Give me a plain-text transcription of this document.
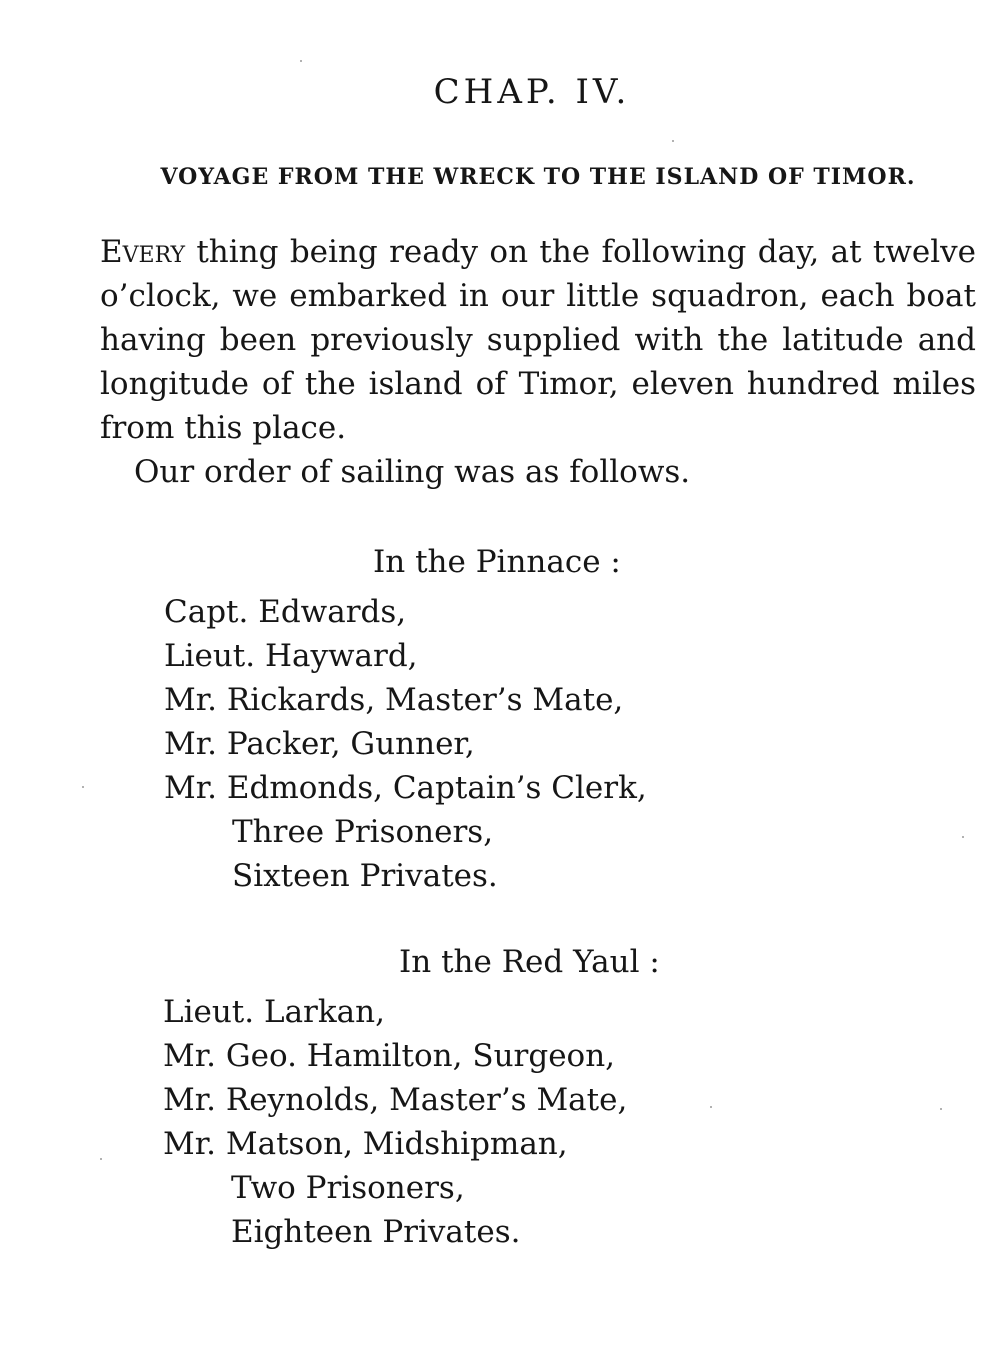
CHAP. IV.
VOYAGE FROM THE WRECK TO THE ISLAND OF TIMOR.

Every thing being ready on the following day, at twelve o’clock, we embarked in our little squadron, each boat having been previously supplied with the latitude and longitude of the island of Timor, eleven hundred miles from this place.

Our order of sailing was as follows.

In the Pinnace :

Capt. Edwards,
Lieut. Hayward,
Mr. Rickards, Master’s Mate,
Mr. Packer, Gunner,
Mr. Edmonds, Captain’s Clerk,
Three Prisoners,
Sixteen Privates.

In the Red Yaul :

Lieut. Larkan,
Mr. Geo. Hamilton, Surgeon,
Mr. Reynolds, Master’s Mate,
Mr. Matson, Midshipman,
Two Prisoners,
Eighteen Privates.
